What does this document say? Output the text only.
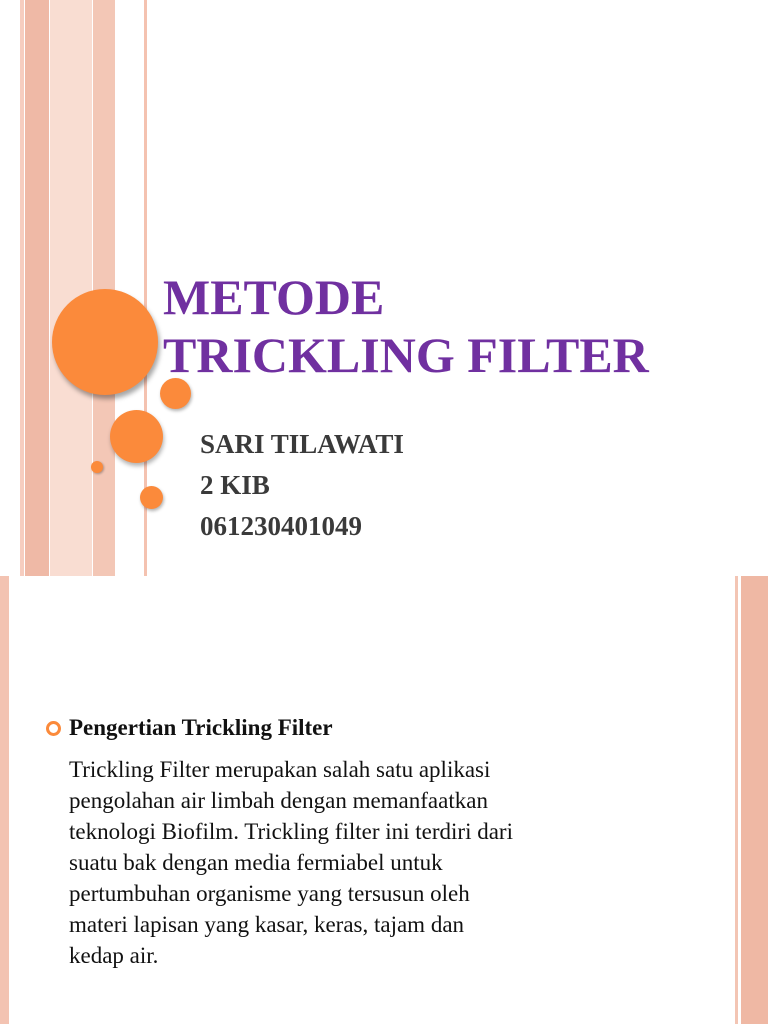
METODE
TRICKLING FILTER
SARI TILAWATI
2 KIB
061230401049
Pengertian Trickling Filter
Trickling Filter merupakan salah satu aplikasi
pengolahan air limbah dengan memanfaatkan
teknologi Biofilm. Trickling filter ini terdiri dari
suatu bak dengan media fermiabel untuk
pertumbuhan organisme yang tersusun oleh
materi lapisan yang kasar, keras, tajam dan
kedap air.
